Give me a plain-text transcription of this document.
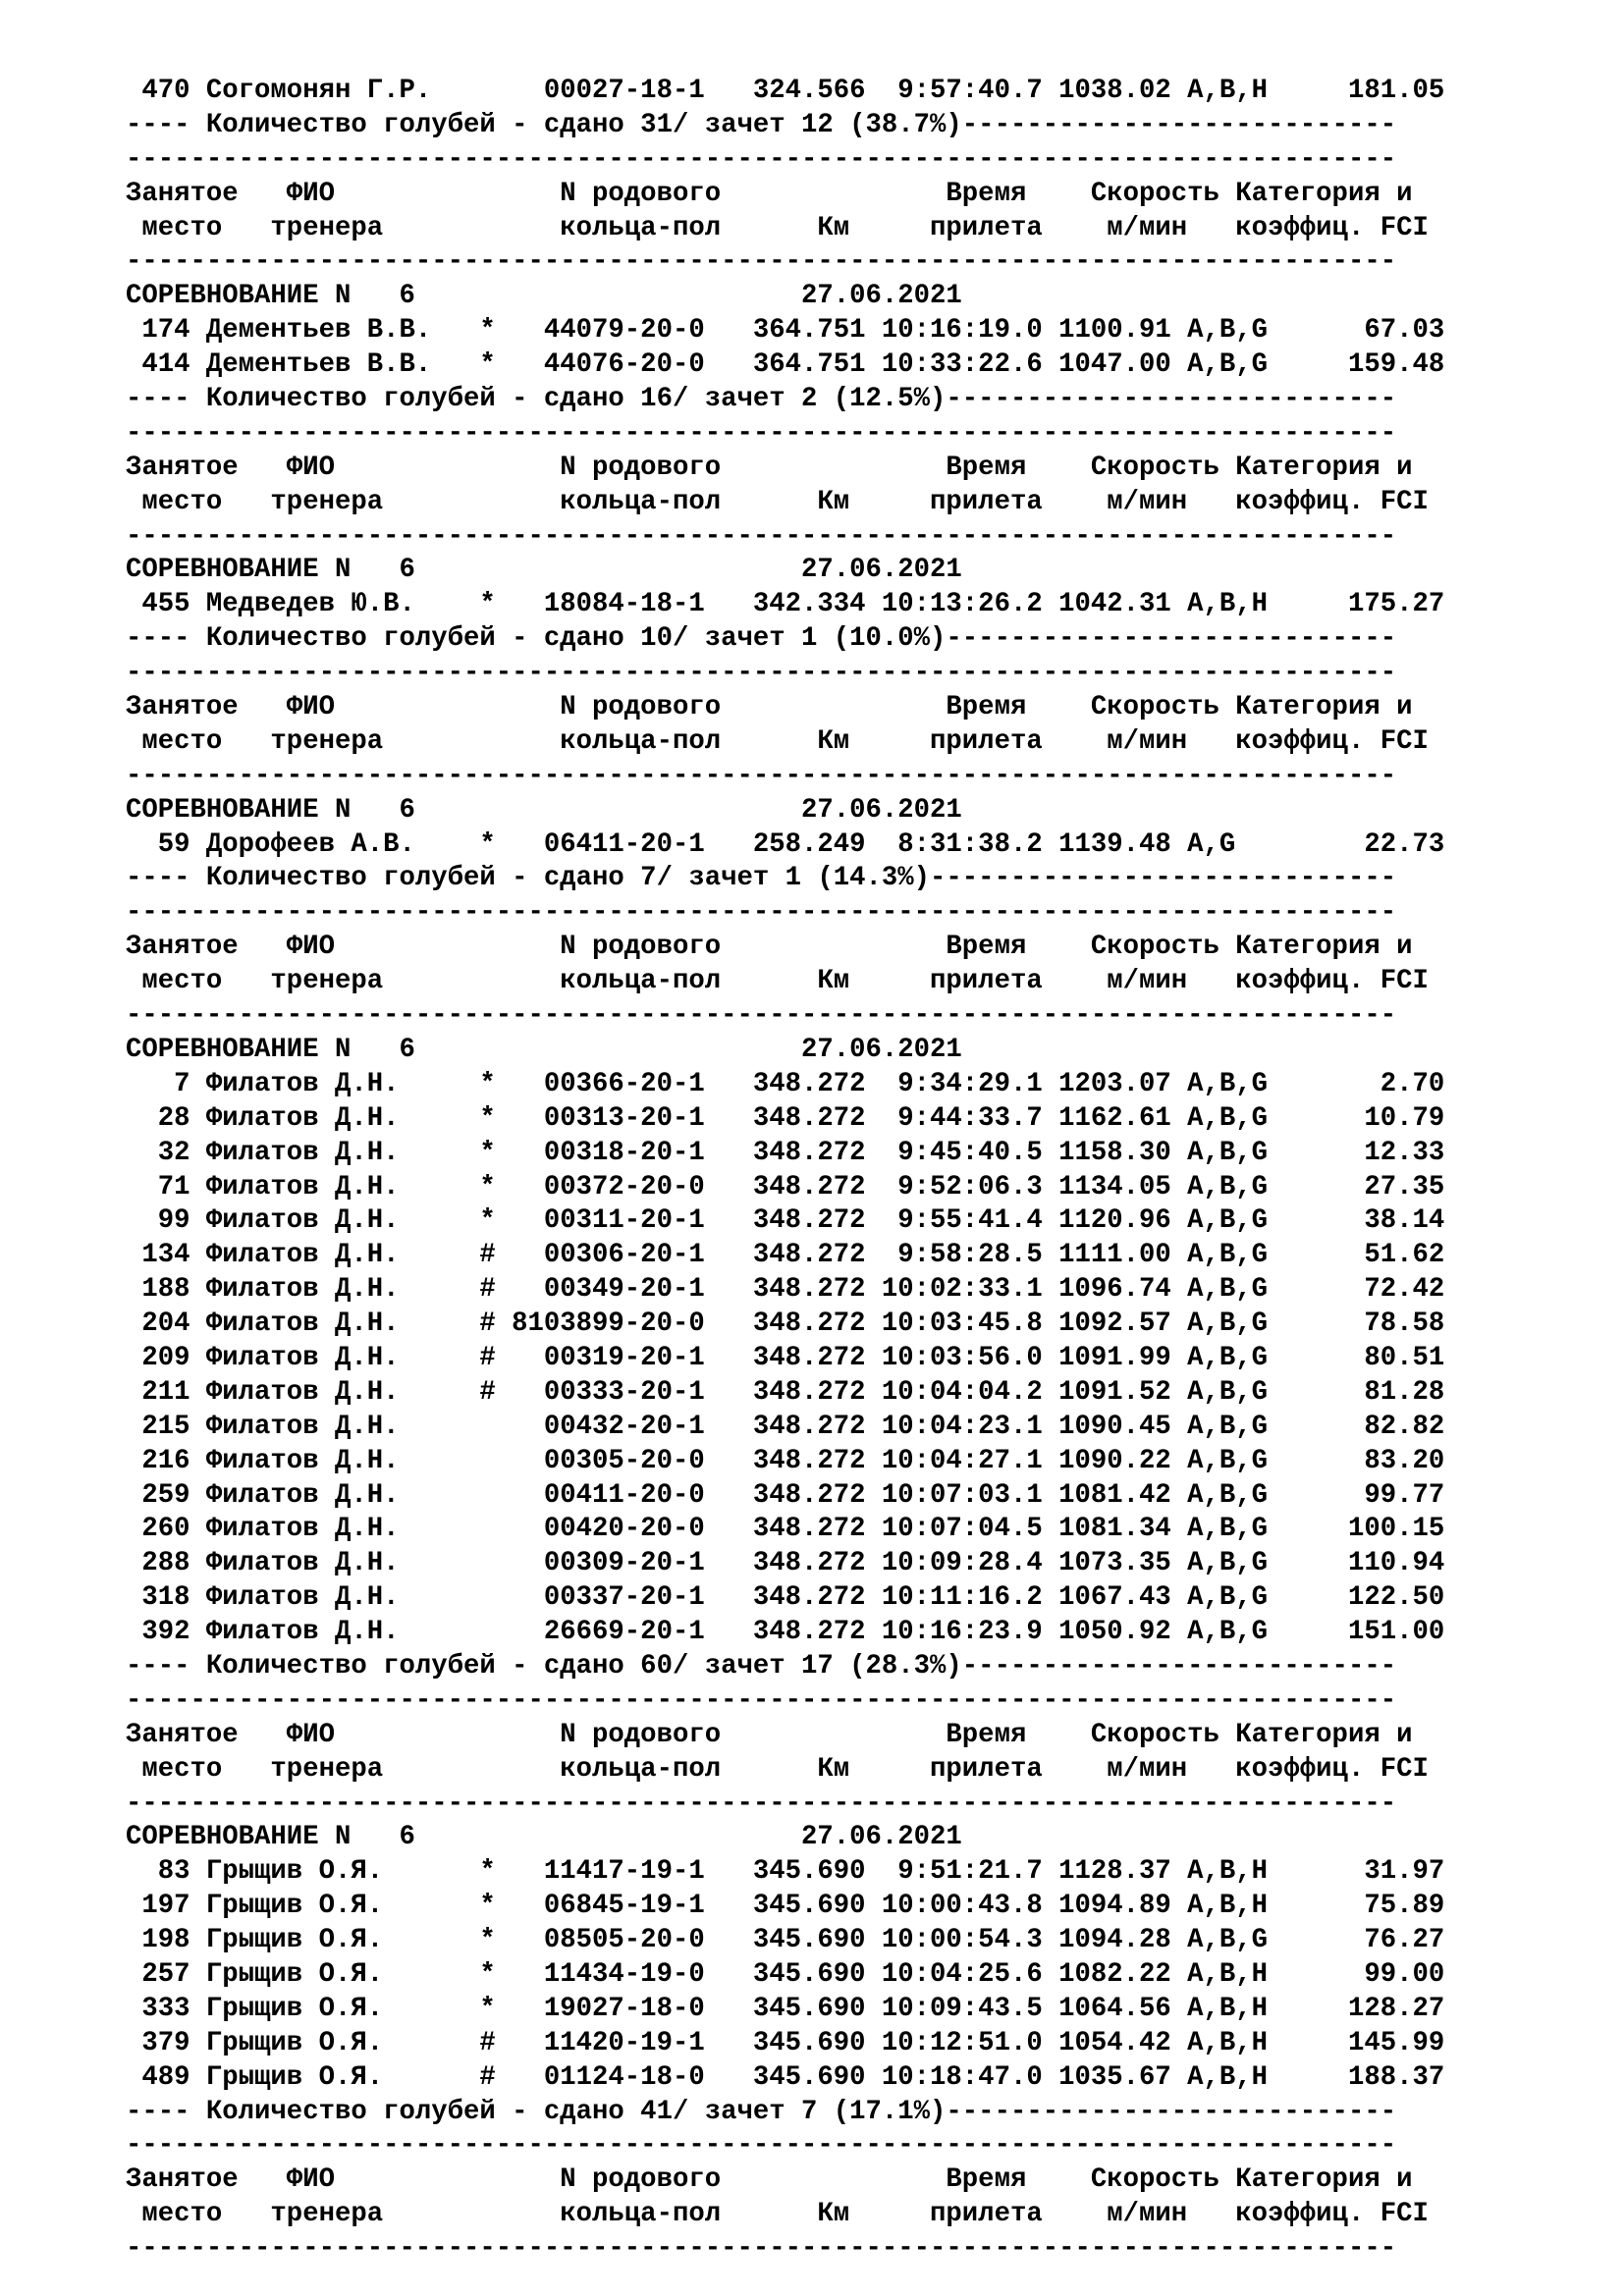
470 Согомонян Г.Р.       00027-18-1   324.566  9:57:40.7 1038.02 A,B,H     181.05
---- Количество голубей - сдано 31/ зачет 12 (38.7%)---------------------------
-------------------------------------------------------------------------------
Занятое   ФИО              N родового              Время    Скорость Категория и
место   тренера           кольца-пол      Км     прилета    м/мин   коэффиц. FCI
-------------------------------------------------------------------------------
СОРЕВНОВАНИЕ N   6                        27.06.2021
174 Дементьев В.В.   *   44079-20-0   364.751 10:16:19.0 1100.91 A,B,G      67.03
414 Дементьев В.В.   *   44076-20-0   364.751 10:33:22.6 1047.00 A,B,G     159.48
---- Количество голубей - сдано 16/ зачет 2 (12.5%)----------------------------
-------------------------------------------------------------------------------
Занятое   ФИО              N родового              Время    Скорость Категория и
место   тренера           кольца-пол      Км     прилета    м/мин   коэффиц. FCI
-------------------------------------------------------------------------------
СОРЕВНОВАНИЕ N   6                        27.06.2021
455 Медведев Ю.В.    *   18084-18-1   342.334 10:13:26.2 1042.31 A,B,H     175.27
---- Количество голубей - сдано 10/ зачет 1 (10.0%)----------------------------
-------------------------------------------------------------------------------
Занятое   ФИО              N родового              Время    Скорость Категория и
место   тренера           кольца-пол      Км     прилета    м/мин   коэффиц. FCI
-------------------------------------------------------------------------------
СОРЕВНОВАНИЕ N   6                        27.06.2021
59 Дорофеев А.В.    *   06411-20-1   258.249  8:31:38.2 1139.48 A,G        22.73
---- Количество голубей - сдано 7/ зачет 1 (14.3%)-----------------------------
-------------------------------------------------------------------------------
Занятое   ФИО              N родового              Время    Скорость Категория и
место   тренера           кольца-пол      Км     прилета    м/мин   коэффиц. FCI
-------------------------------------------------------------------------------
СОРЕВНОВАНИЕ N   6                        27.06.2021
7 Филатов Д.Н.     *   00366-20-1   348.272  9:34:29.1 1203.07 A,B,G       2.70
28 Филатов Д.Н.     *   00313-20-1   348.272  9:44:33.7 1162.61 A,B,G      10.79
32 Филатов Д.Н.     *   00318-20-1   348.272  9:45:40.5 1158.30 A,B,G      12.33
71 Филатов Д.Н.     *   00372-20-0   348.272  9:52:06.3 1134.05 A,B,G      27.35
99 Филатов Д.Н.     *   00311-20-1   348.272  9:55:41.4 1120.96 A,B,G      38.14
134 Филатов Д.Н.     #   00306-20-1   348.272  9:58:28.5 1111.00 A,B,G      51.62
188 Филатов Д.Н.     #   00349-20-1   348.272 10:02:33.1 1096.74 A,B,G      72.42
204 Филатов Д.Н.     # 8103899-20-0   348.272 10:03:45.8 1092.57 A,B,G      78.58
209 Филатов Д.Н.     #   00319-20-1   348.272 10:03:56.0 1091.99 A,B,G      80.51
211 Филатов Д.Н.     #   00333-20-1   348.272 10:04:04.2 1091.52 A,B,G      81.28
215 Филатов Д.Н.         00432-20-1   348.272 10:04:23.1 1090.45 A,B,G      82.82
216 Филатов Д.Н.         00305-20-0   348.272 10:04:27.1 1090.22 A,B,G      83.20
259 Филатов Д.Н.         00411-20-0   348.272 10:07:03.1 1081.42 A,B,G      99.77
260 Филатов Д.Н.         00420-20-0   348.272 10:07:04.5 1081.34 A,B,G     100.15
288 Филатов Д.Н.         00309-20-1   348.272 10:09:28.4 1073.35 A,B,G     110.94
318 Филатов Д.Н.         00337-20-1   348.272 10:11:16.2 1067.43 A,B,G     122.50
392 Филатов Д.Н.         26669-20-1   348.272 10:16:23.9 1050.92 A,B,G     151.00
---- Количество голубей - сдано 60/ зачет 17 (28.3%)---------------------------
-------------------------------------------------------------------------------
Занятое   ФИО              N родового              Время    Скорость Категория и
место   тренера           кольца-пол      Км     прилета    м/мин   коэффиц. FCI
-------------------------------------------------------------------------------
СОРЕВНОВАНИЕ N   6                        27.06.2021
83 Грыщив О.Я.      *   11417-19-1   345.690  9:51:21.7 1128.37 A,B,H      31.97
197 Грыщив О.Я.      *   06845-19-1   345.690 10:00:43.8 1094.89 A,B,H      75.89
198 Грыщив О.Я.      *   08505-20-0   345.690 10:00:54.3 1094.28 A,B,G      76.27
257 Грыщив О.Я.      *   11434-19-0   345.690 10:04:25.6 1082.22 A,B,H      99.00
333 Грыщив О.Я.      *   19027-18-0   345.690 10:09:43.5 1064.56 A,B,H     128.27
379 Грыщив О.Я.      #   11420-19-1   345.690 10:12:51.0 1054.42 A,B,H     145.99
489 Грыщив О.Я.      #   01124-18-0   345.690 10:18:47.0 1035.67 A,B,H     188.37
---- Количество голубей - сдано 41/ зачет 7 (17.1%)----------------------------
-------------------------------------------------------------------------------
Занятое   ФИО              N родового              Время    Скорость Категория и
место   тренера           кольца-пол      Км     прилета    м/мин   коэффиц. FCI
-------------------------------------------------------------------------------
